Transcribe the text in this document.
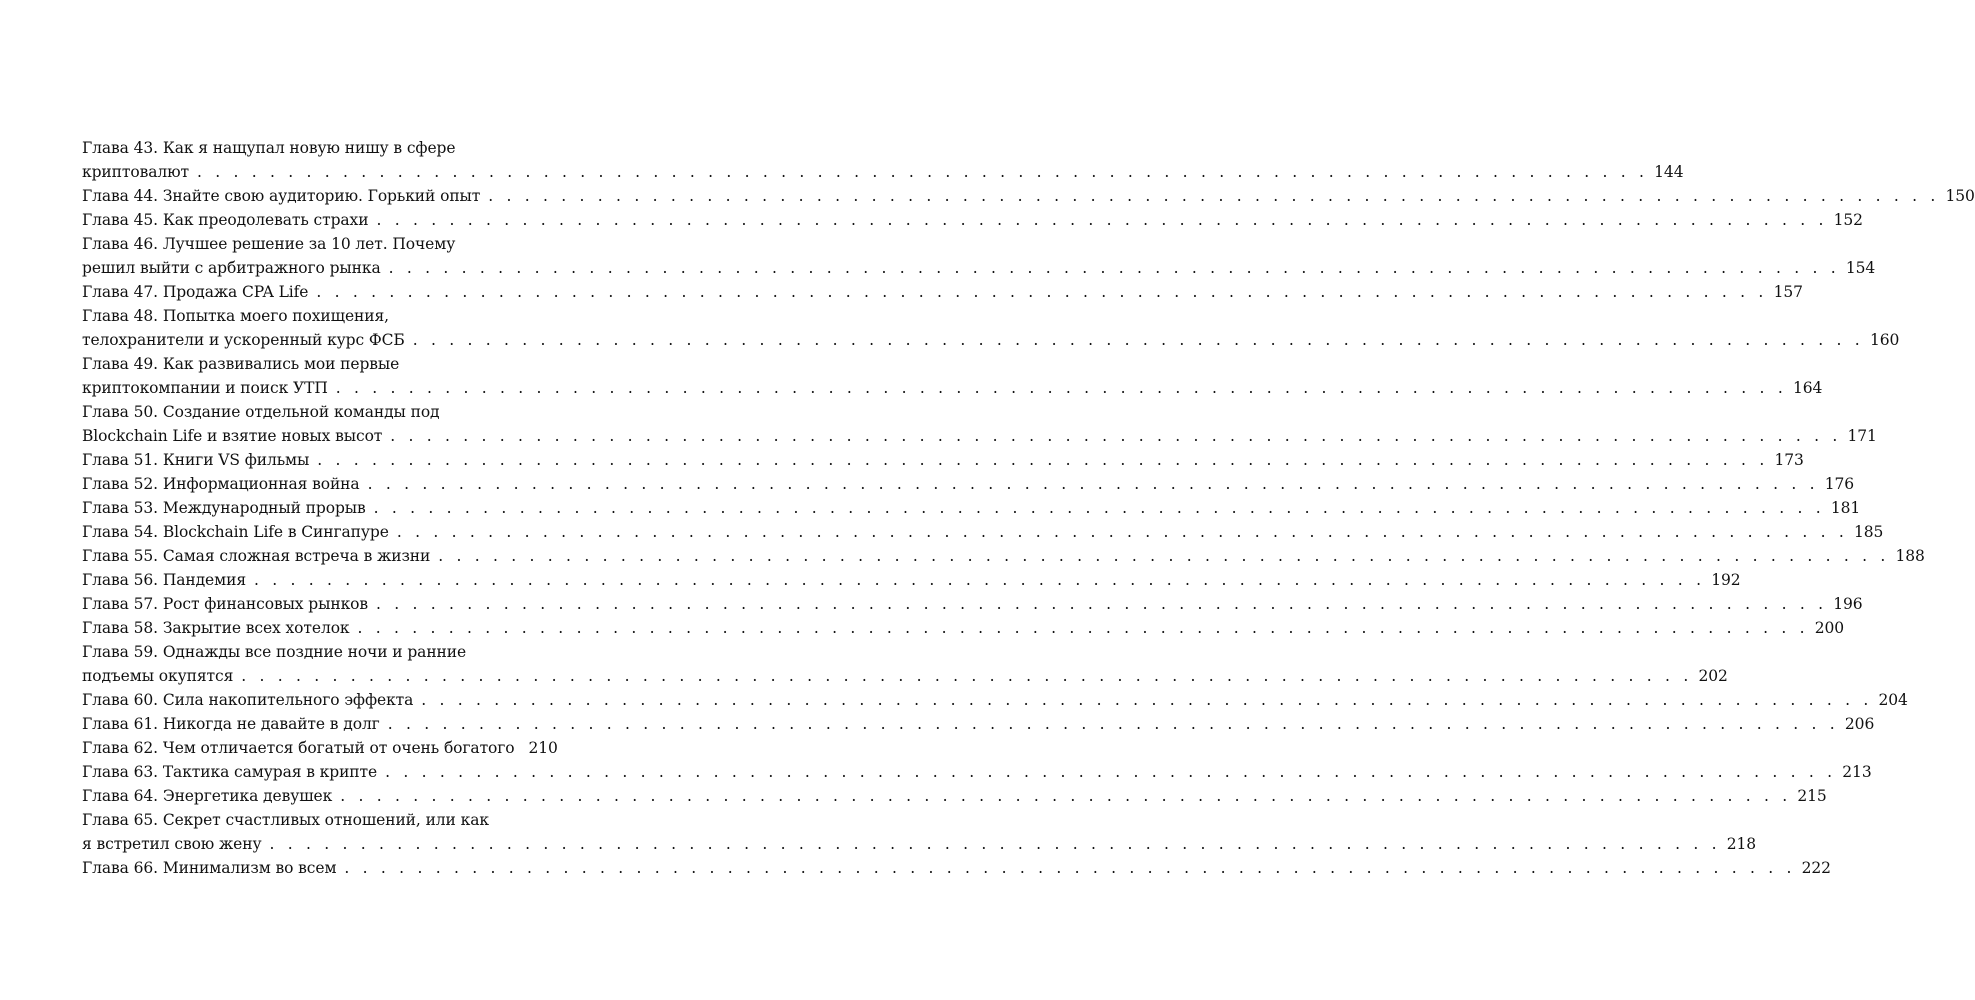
Глава 43. Как я нащупал новую нишу в сфере
криптовалют . . . . . . . . . . . . . . . . . . . . . . . . . . . . . . . . . . . . . . . . . . . . . . . . . . . . . . . . . . . . . . . . . . . . . . . . . . . . . . . . 144
Глава 44. Знайте свою аудиторию. Горький опыт . . . . . . . . . . . . . . . . . . . . . . . . . . . . . . . . . . . . . . . . . . . . . . . . . . . . . . . . . . . . . . . . . . . . . . . . . . . . . . . . 150
Глава 45. Как преодолевать страхи . . . . . . . . . . . . . . . . . . . . . . . . . . . . . . . . . . . . . . . . . . . . . . . . . . . . . . . . . . . . . . . . . . . . . . . . . . . . . . . . 152
Глава 46. Лучшее решение за 10 лет. Почему
решил выйти с арбитражного рынка . . . . . . . . . . . . . . . . . . . . . . . . . . . . . . . . . . . . . . . . . . . . . . . . . . . . . . . . . . . . . . . . . . . . . . . . . . . . . . . . 154
Глава 47. Продажа CPA Life . . . . . . . . . . . . . . . . . . . . . . . . . . . . . . . . . . . . . . . . . . . . . . . . . . . . . . . . . . . . . . . . . . . . . . . . . . . . . . . . 157
Глава 48. Попытка моего похищения,
телохранители и ускоренный курс ФСБ . . . . . . . . . . . . . . . . . . . . . . . . . . . . . . . . . . . . . . . . . . . . . . . . . . . . . . . . . . . . . . . . . . . . . . . . . . . . . . . . 160
Глава 49. Как развивались мои первые
криптокомпании и поиск УТП . . . . . . . . . . . . . . . . . . . . . . . . . . . . . . . . . . . . . . . . . . . . . . . . . . . . . . . . . . . . . . . . . . . . . . . . . . . . . . . . 164
Глава 50. Создание отдельной команды под
Blockchain Life и взятие новых высот . . . . . . . . . . . . . . . . . . . . . . . . . . . . . . . . . . . . . . . . . . . . . . . . . . . . . . . . . . . . . . . . . . . . . . . . . . . . . . . . 171
Глава 51. Книги VS фильмы . . . . . . . . . . . . . . . . . . . . . . . . . . . . . . . . . . . . . . . . . . . . . . . . . . . . . . . . . . . . . . . . . . . . . . . . . . . . . . . . 173
Глава 52. Информационная война . . . . . . . . . . . . . . . . . . . . . . . . . . . . . . . . . . . . . . . . . . . . . . . . . . . . . . . . . . . . . . . . . . . . . . . . . . . . . . . . 176
Глава 53. Международный прорыв . . . . . . . . . . . . . . . . . . . . . . . . . . . . . . . . . . . . . . . . . . . . . . . . . . . . . . . . . . . . . . . . . . . . . . . . . . . . . . . . 181
Глава 54. Blockchain Life в Сингапуре . . . . . . . . . . . . . . . . . . . . . . . . . . . . . . . . . . . . . . . . . . . . . . . . . . . . . . . . . . . . . . . . . . . . . . . . . . . . . . . . 185
Глава 55. Самая сложная встреча в жизни . . . . . . . . . . . . . . . . . . . . . . . . . . . . . . . . . . . . . . . . . . . . . . . . . . . . . . . . . . . . . . . . . . . . . . . . . . . . . . . . 188
Глава 56. Пандемия . . . . . . . . . . . . . . . . . . . . . . . . . . . . . . . . . . . . . . . . . . . . . . . . . . . . . . . . . . . . . . . . . . . . . . . . . . . . . . . . 192
Глава 57. Рост финансовых рынков . . . . . . . . . . . . . . . . . . . . . . . . . . . . . . . . . . . . . . . . . . . . . . . . . . . . . . . . . . . . . . . . . . . . . . . . . . . . . . . . 196
Глава 58. Закрытие всех хотелок . . . . . . . . . . . . . . . . . . . . . . . . . . . . . . . . . . . . . . . . . . . . . . . . . . . . . . . . . . . . . . . . . . . . . . . . . . . . . . . . 200
Глава 59. Однажды все поздние ночи и ранние
подъемы окупятся . . . . . . . . . . . . . . . . . . . . . . . . . . . . . . . . . . . . . . . . . . . . . . . . . . . . . . . . . . . . . . . . . . . . . . . . . . . . . . . . 202
Глава 60. Сила накопительного эффекта . . . . . . . . . . . . . . . . . . . . . . . . . . . . . . . . . . . . . . . . . . . . . . . . . . . . . . . . . . . . . . . . . . . . . . . . . . . . . . . . 204
Глава 61. Никогда не давайте в долг . . . . . . . . . . . . . . . . . . . . . . . . . . . . . . . . . . . . . . . . . . . . . . . . . . . . . . . . . . . . . . . . . . . . . . . . . . . . . . . . 206
Глава 62. Чем отличается богатый от очень богатого 210
Глава 63. Тактика самурая в крипте . . . . . . . . . . . . . . . . . . . . . . . . . . . . . . . . . . . . . . . . . . . . . . . . . . . . . . . . . . . . . . . . . . . . . . . . . . . . . . . . 213
Глава 64. Энергетика девушек . . . . . . . . . . . . . . . . . . . . . . . . . . . . . . . . . . . . . . . . . . . . . . . . . . . . . . . . . . . . . . . . . . . . . . . . . . . . . . . . 215
Глава 65. Секрет счастливых отношений, или как
я встретил свою жену . . . . . . . . . . . . . . . . . . . . . . . . . . . . . . . . . . . . . . . . . . . . . . . . . . . . . . . . . . . . . . . . . . . . . . . . . . . . . . . . 218
Глава 66. Минимализм во всем . . . . . . . . . . . . . . . . . . . . . . . . . . . . . . . . . . . . . . . . . . . . . . . . . . . . . . . . . . . . . . . . . . . . . . . . . . . . . . . . 222
